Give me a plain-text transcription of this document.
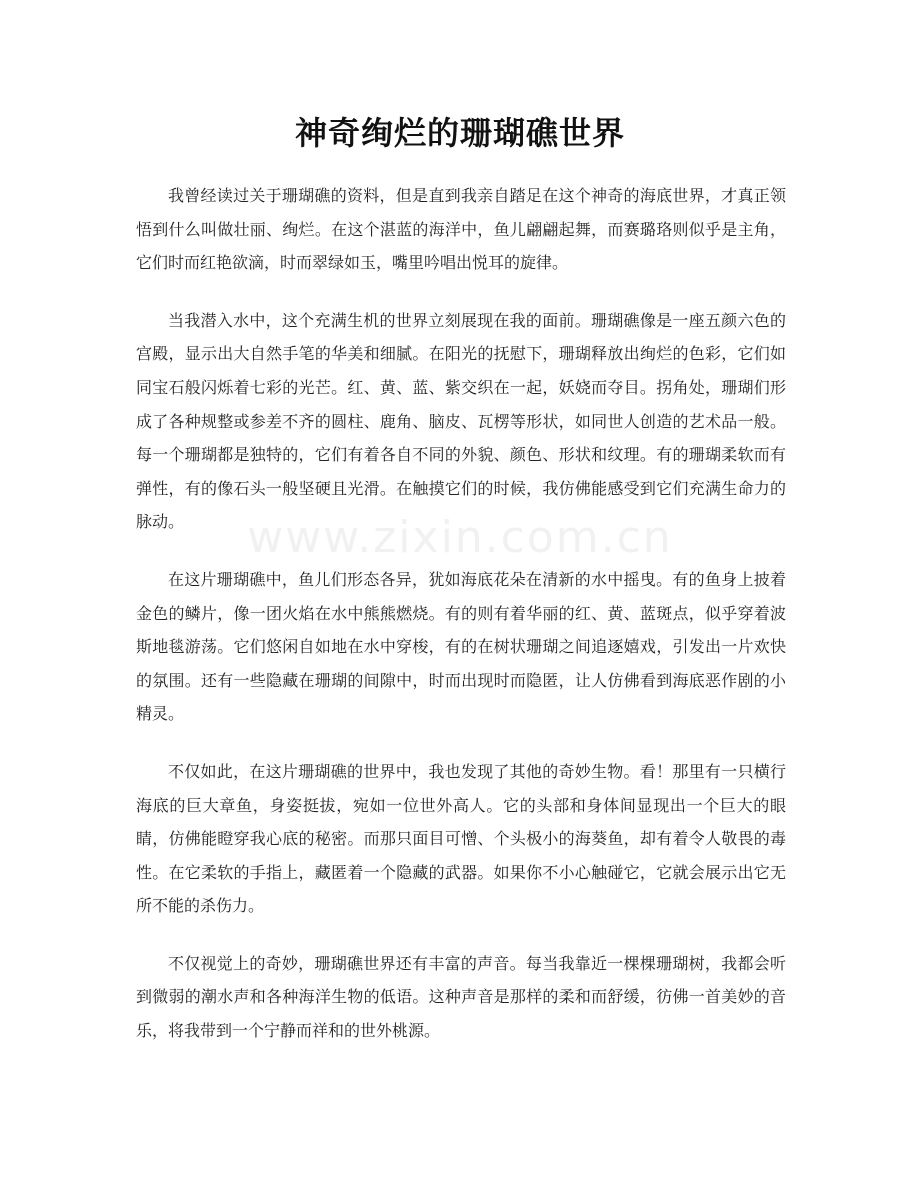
神奇绚烂的珊瑚礁世界
www.zixin.com.cn

我曾经读过关于珊瑚礁的资料，但是直到我亲自踏足在这个神奇的海底世界，才真正领悟到什么叫做壮丽、绚烂。在这个湛蓝的海洋中，鱼儿翩翩起舞，而赛璐珞则似乎是主角，它们时而红艳欲滴，时而翠绿如玉，嘴里吟唱出悦耳的旋律。

当我潜入水中，这个充满生机的世界立刻展现在我的面前。珊瑚礁像是一座五颜六色的宫殿，显示出大自然手笔的华美和细腻。在阳光的抚慰下，珊瑚释放出绚烂的色彩，它们如同宝石般闪烁着七彩的光芒。红、黄、蓝、紫交织在一起，妖娆而夺目。拐角处，珊瑚们形成了各种规整或参差不齐的圆柱、鹿角、脑皮、瓦楞等形状，如同世人创造的艺术品一般。每一个珊瑚都是独特的，它们有着各自不同的外貌、颜色、形状和纹理。有的珊瑚柔软而有弹性，有的像石头一般坚硬且光滑。在触摸它们的时候，我仿佛能感受到它们充满生命力的脉动。

在这片珊瑚礁中，鱼儿们形态各异，犹如海底花朵在清新的水中摇曳。有的鱼身上披着金色的鳞片，像一团火焰在水中熊熊燃烧。有的则有着华丽的红、黄、蓝斑点，似乎穿着波斯地毯游荡。它们悠闲自如地在水中穿梭，有的在树状珊瑚之间追逐嬉戏，引发出一片欢快的氛围。还有一些隐藏在珊瑚的间隙中，时而出现时而隐匿，让人仿佛看到海底恶作剧的小精灵。

不仅如此，在这片珊瑚礁的世界中，我也发现了其他的奇妙生物。看！那里有一只横行海底的巨大章鱼，身姿挺拔，宛如一位世外高人。它的头部和身体间显现出一个巨大的眼睛，仿佛能瞪穿我心底的秘密。而那只面目可憎、个头极小的海葵鱼，却有着令人敬畏的毒性。在它柔软的手指上，藏匿着一个隐藏的武器。如果你不小心触碰它，它就会展示出它无所不能的杀伤力。

不仅视觉上的奇妙，珊瑚礁世界还有丰富的声音。每当我靠近一棵棵珊瑚树，我都会听到微弱的潮水声和各种海洋生物的低语。这种声音是那样的柔和而舒缓，彷佛一首美妙的音乐，将我带到一个宁静而祥和的世外桃源。
